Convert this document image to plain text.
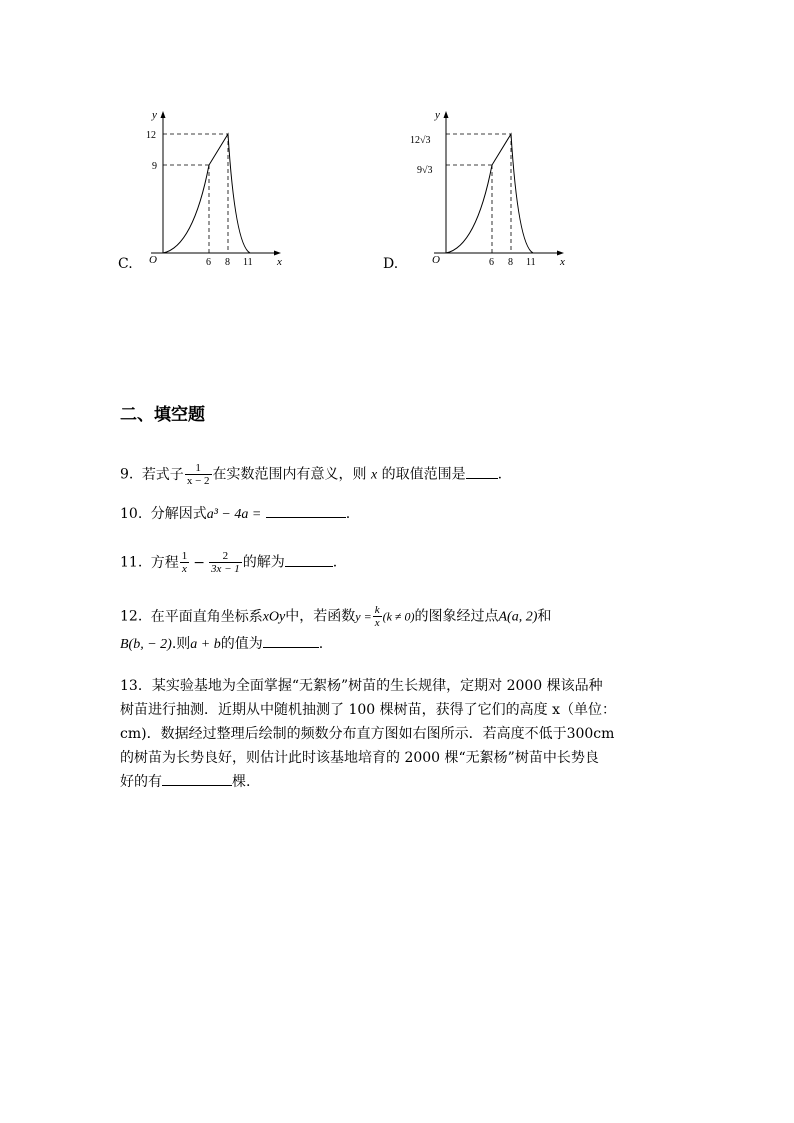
C.
y
x
O
12
9
6 8 11	D.
y
x
O
12√3
9√3
6 8 11
二、填空题
9. 若式子 $\frac{1}{x - 2}$ 在实数范围内有意义，则 x 的取值范围是 .
10. 分解因式a³ − 4a =	.
11. 方程 $\frac{1}{x} - \frac{2}{3x - 1}$ 的解为	.
12. 在平面直角坐标系xOy中，若函数$y = \frac{k}{x} (k \ne 0)$的图象经过点A(a, 2)和
B(b, − 2).则a + b的值为	.
13．某实验基地为全面掌握“无絮杨”树苗的生长规律，定期对 2000 棵该品种
树苗进行抽测．近期从中随机抽测了 100 棵树苗，获得了它们的高度 x（单位：
cm)．数据经过整理后绘制的频数分布直方图如右图所示．若高度不低于300cm
的树苗为长势良好，则估计此时该基地培育的 2000 棵“无絮杨”树苗中长势良
好的有	棵.
